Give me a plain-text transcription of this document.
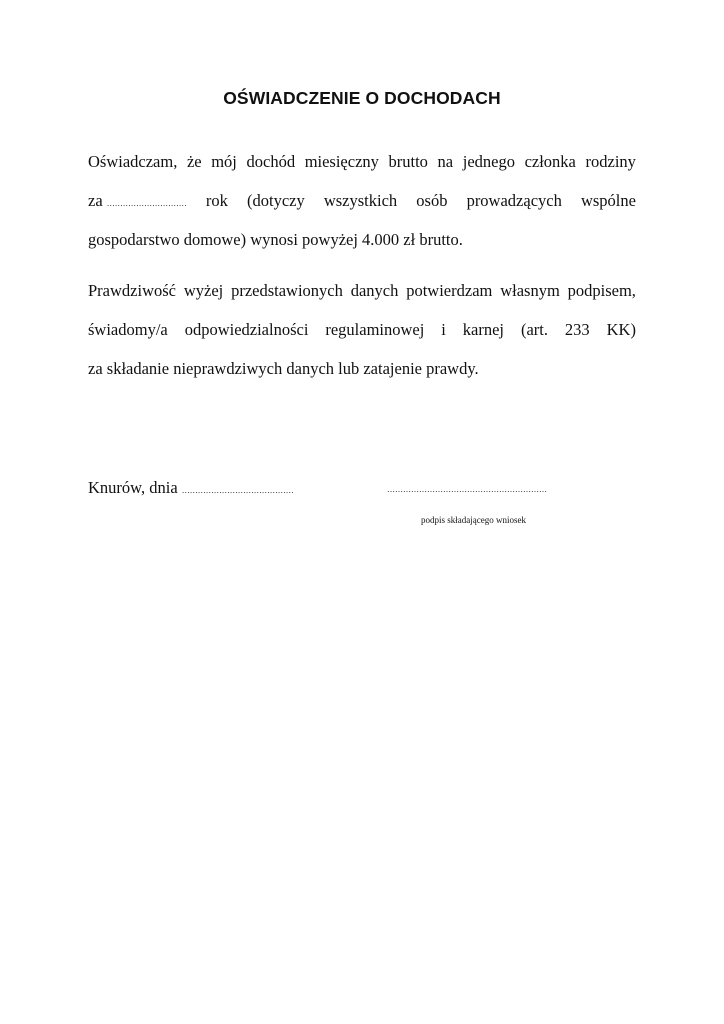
OŚWIADCZENIE O DOCHODACH
Oświadczam, że mój dochód miesięczny brutto na jednego członka rodziny
za ………………………… rok (dotyczy wszystkich osób prowadzących wspólne
gospodarstwo domowe) wynosi powyżej 4.000 zł brutto.
Prawdziwość wyżej przedstawionych danych potwierdzam własnym podpisem,
świadomy/a odpowiedzialności regulaminowej i karnej (art. 233 KK)
za składanie nieprawdziwych danych lub zatajenie prawdy.
Knurów, dnia ……………………………………	……………………………………………………
podpis składającego wniosek
